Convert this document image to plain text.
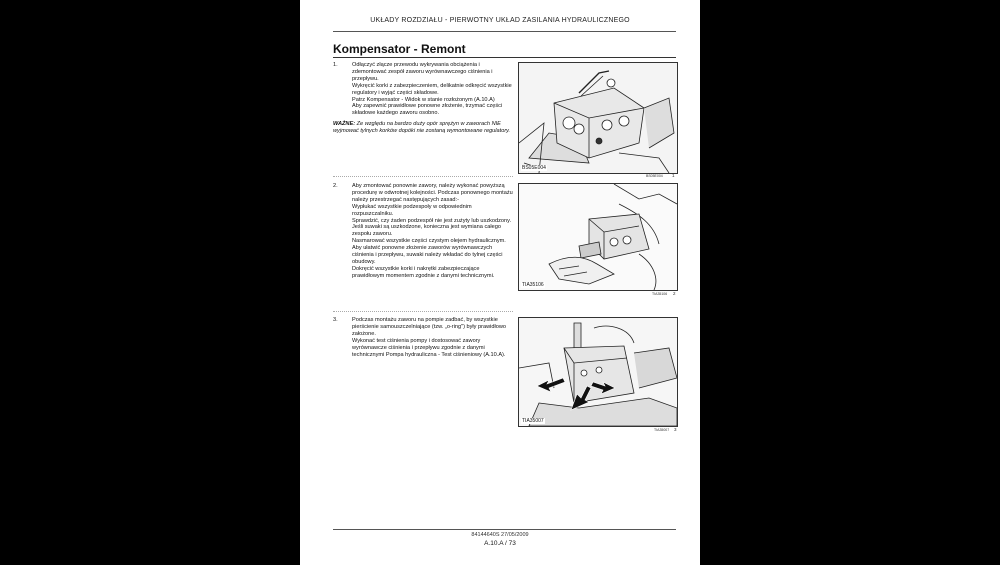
UKŁADY ROZDZIAŁU - PIERWOTNY UKŁAD ZASILANIA HYDRAULICZNEGO
Kompensator - Remont
1.	Odłączyć złącze przewodu wykrywania obciążenia i zdemontować zespół zaworu wyrównawczego ciśnienia i przepływu.

Wykręcić korki z zabezpieczeniem, delikatnie odkręcić wszystkie regulatory i wyjąć części składowe.

Patrz Kompensator - Widok w stanie rozłożonym (A.10.A)

Aby zapewnić prawidłowe ponowne złożenie, trzymać części składowe każdego zaworu osobno.

WAŻNE: Ze względu na bardzo duży opór sprężyn w zaworach NIE wyjmować tylnych korków dopóki nie zostaną wymontowane regulatory.
2.	Aby zmontować ponownie zawory, należy wykonać powyższą procedurę w odwrotnej kolejności. Podczas ponownego montażu należy przestrzegać następujących zasad:-

Wypłukać wszystkie podzespoły w odpowiednim rozpuszczalniku.

Sprawdzić, czy żaden podzespół nie jest zużyty lub uszkodzony. Jeśli suwaki są uszkodzone, konieczna jest wymiana całego zespołu zaworu.

Nasmarować wszystkie części czystym olejem hydraulicznym.

Aby ułatwić ponowne złożenie zaworów wyrównawczych ciśnienia i przepływu, suwaki należy wkładać do tylnej części obudowy.

Dokręcić wszystkie korki i nakrętki zabezpieczające prawidłowym momentem zgodnie z danymi technicznymi.

3.	Podczas montażu zaworu na pompie zadbać, by wszystkie pierścienie samouszczelniające (tzw. „o-ring") były prawidłowo założone.

Wykonać test ciśnienia pompy i dostosować zawory wyrównawcze ciśnienia i przepływu zgodnie z danymi technicznymi Pompa hydrauliczna - Test ciśnieniowy (A.10.A).

BS05E004
BS05E004 1
TIA35106
TIA35106 2
TIA35007
TIA35007 3
84144640S 27/05/2009
A.10.A / 73
